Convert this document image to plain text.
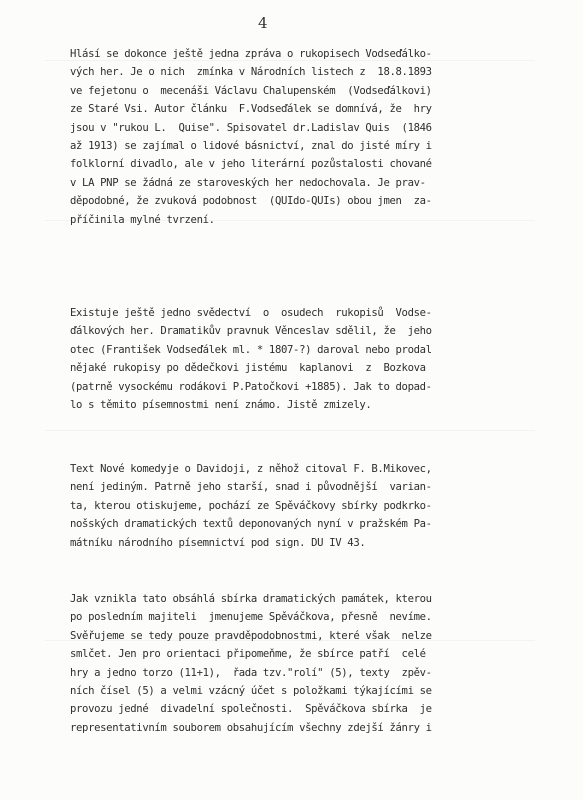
4
Hlásí se dokonce ještě jedna zpráva o rukopisech Vodseďálko-
vých her. Je o nich  zmínka v Národních listech z  18.8.1893
ve fejetonu o  mecenáši Václavu Chalupenském  (Vodseďálkovi)
ze Staré Vsi. Autor článku  F.Vodseďálek se domnívá, že  hry
jsou v "rukou L.  Quise". Spisovatel dr.Ladislav Quis  (1846
až 1913) se zajímal o lidové básnictví, znal do jisté míry i
folklorní divadlo, ale v jeho literární pozůstalosti chované
v LA PNP se žádná ze staroveských her nedochovala. Je prav-
děpodobné, že zvuková podobnost  (QUIdo-QUIs) obou jmen  za-
příčinila mylné tvrzení.
Existuje ještě jedno svědectví  o  osudech  rukopisů  Vodse-
ďálkových her. Dramatikův pravnuk Věnceslav sdělil, že  jeho
otec (František Vodseďálek ml. * 1807-?) daroval nebo prodal
nějaké rukopisy po dědečkovi jistému  kaplanovi  z  Bozkova
(patrně vysockému rodákovi P.Patočkovi +1885). Jak to dopad-
lo s těmito písemnostmi není známo. Jistě zmizely.
Text Nové komedyje o Davidoji, z něhož citoval F. B.Mikovec,
není jediným. Patrně jeho starší, snad i původnější  varian-
ta, kterou otiskujeme, pochází ze Spěváčkovy sbírky podkrko-
nošských dramatických textů deponovaných nyní v pražském Pa-
mátníku národního písemnictví pod sign. DU IV 43.
Jak vznikla tato obsáhlá sbírka dramatických památek, kterou
po posledním majiteli  jmenujeme Spěváčkova, přesně  nevíme.
Svěřujeme se tedy pouze pravděpodobnostmi, které však  nelze
smlčet. Jen pro orientaci připomeňme, že sbírce patří  celé
hry a jedno torzo (11+1),  řada tzv."rolí" (5), texty  zpěv-
ních čísel (5) a velmi vzácný účet s položkami týkajícími se
provozu jedné  divadelní společnosti.  Spěváčkova sbírka  je
representativním souborem obsahujícím všechny zdejší žánry i
